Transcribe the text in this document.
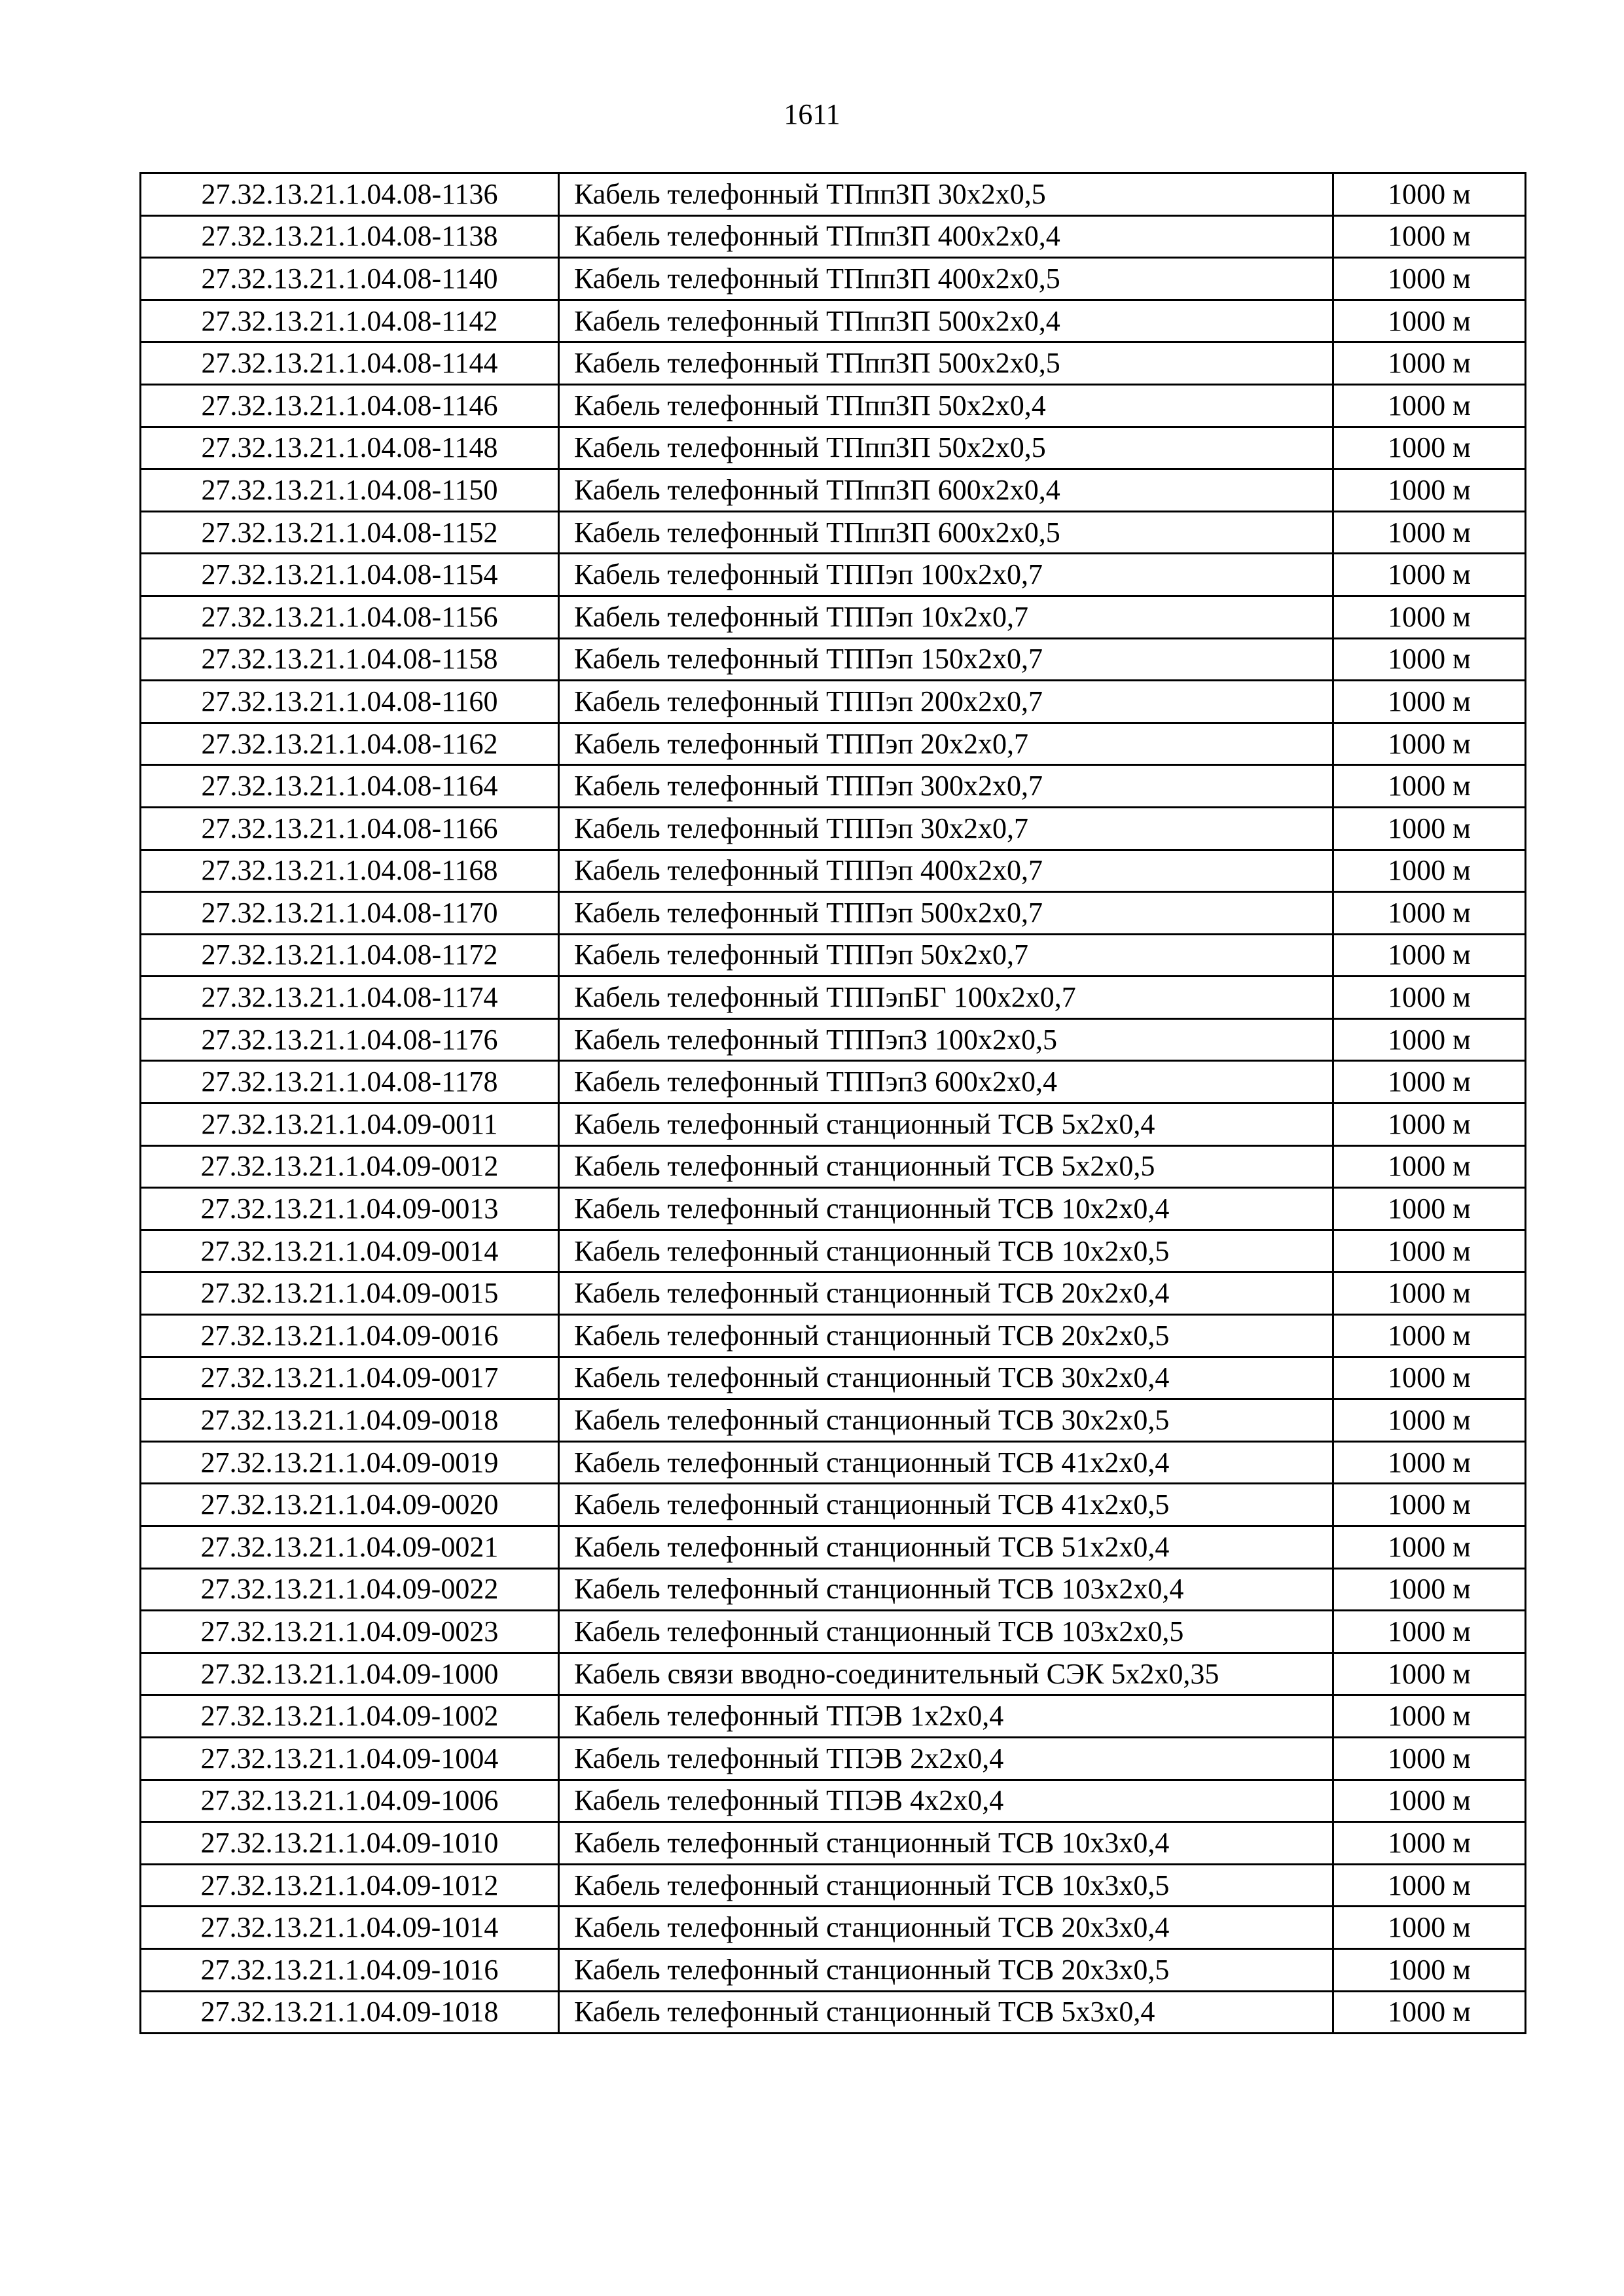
1611
27.32.13.21.1.04.08-1136	Кабель телефонный ТПппЗП 30х2х0,5	1000 м
27.32.13.21.1.04.08-1138	Кабель телефонный ТПппЗП 400х2х0,4	1000 м
27.32.13.21.1.04.08-1140	Кабель телефонный ТПппЗП 400х2х0,5	1000 м
27.32.13.21.1.04.08-1142	Кабель телефонный ТПппЗП 500х2х0,4	1000 м
27.32.13.21.1.04.08-1144	Кабель телефонный ТПппЗП 500х2х0,5	1000 м
27.32.13.21.1.04.08-1146	Кабель телефонный ТПппЗП 50х2х0,4	1000 м
27.32.13.21.1.04.08-1148	Кабель телефонный ТПппЗП 50х2х0,5	1000 м
27.32.13.21.1.04.08-1150	Кабель телефонный ТПппЗП 600х2х0,4	1000 м
27.32.13.21.1.04.08-1152	Кабель телефонный ТПппЗП 600х2х0,5	1000 м
27.32.13.21.1.04.08-1154	Кабель телефонный ТППэп 100х2х0,7	1000 м
27.32.13.21.1.04.08-1156	Кабель телефонный ТППэп 10х2х0,7	1000 м
27.32.13.21.1.04.08-1158	Кабель телефонный ТППэп 150х2х0,7	1000 м
27.32.13.21.1.04.08-1160	Кабель телефонный ТППэп 200х2х0,7	1000 м
27.32.13.21.1.04.08-1162	Кабель телефонный ТППэп 20х2х0,7	1000 м
27.32.13.21.1.04.08-1164	Кабель телефонный ТППэп 300х2х0,7	1000 м
27.32.13.21.1.04.08-1166	Кабель телефонный ТППэп 30х2х0,7	1000 м
27.32.13.21.1.04.08-1168	Кабель телефонный ТППэп 400х2х0,7	1000 м
27.32.13.21.1.04.08-1170	Кабель телефонный ТППэп 500х2х0,7	1000 м
27.32.13.21.1.04.08-1172	Кабель телефонный ТППэп 50х2х0,7	1000 м
27.32.13.21.1.04.08-1174	Кабель телефонный ТППэпБГ 100х2х0,7	1000 м
27.32.13.21.1.04.08-1176	Кабель телефонный ТППэпЗ 100х2х0,5	1000 м
27.32.13.21.1.04.08-1178	Кабель телефонный ТППэпЗ 600х2х0,4	1000 м
27.32.13.21.1.04.09-0011	Кабель телефонный станционный ТСВ 5х2х0,4	1000 м
27.32.13.21.1.04.09-0012	Кабель телефонный станционный ТСВ 5х2х0,5	1000 м
27.32.13.21.1.04.09-0013	Кабель телефонный станционный ТСВ 10х2х0,4	1000 м
27.32.13.21.1.04.09-0014	Кабель телефонный станционный ТСВ 10х2х0,5	1000 м
27.32.13.21.1.04.09-0015	Кабель телефонный станционный ТСВ 20х2х0,4	1000 м
27.32.13.21.1.04.09-0016	Кабель телефонный станционный ТСВ 20х2х0,5	1000 м
27.32.13.21.1.04.09-0017	Кабель телефонный станционный ТСВ 30х2х0,4	1000 м
27.32.13.21.1.04.09-0018	Кабель телефонный станционный ТСВ 30х2х0,5	1000 м
27.32.13.21.1.04.09-0019	Кабель телефонный станционный ТСВ 41х2х0,4	1000 м
27.32.13.21.1.04.09-0020	Кабель телефонный станционный ТСВ 41х2х0,5	1000 м
27.32.13.21.1.04.09-0021	Кабель телефонный станционный ТСВ 51х2х0,4	1000 м
27.32.13.21.1.04.09-0022	Кабель телефонный станционный ТСВ 103х2х0,4	1000 м
27.32.13.21.1.04.09-0023	Кабель телефонный станционный ТСВ 103х2х0,5	1000 м
27.32.13.21.1.04.09-1000	Кабель связи вводно-соединительный СЭК 5х2х0,35	1000 м
27.32.13.21.1.04.09-1002	Кабель телефонный ТПЭВ 1х2х0,4	1000 м
27.32.13.21.1.04.09-1004	Кабель телефонный ТПЭВ 2х2х0,4	1000 м
27.32.13.21.1.04.09-1006	Кабель телефонный ТПЭВ 4х2х0,4	1000 м
27.32.13.21.1.04.09-1010	Кабель телефонный станционный ТСВ 10х3х0,4	1000 м
27.32.13.21.1.04.09-1012	Кабель телефонный станционный ТСВ 10х3х0,5	1000 м
27.32.13.21.1.04.09-1014	Кабель телефонный станционный ТСВ 20х3х0,4	1000 м
27.32.13.21.1.04.09-1016	Кабель телефонный станционный ТСВ 20х3х0,5	1000 м
27.32.13.21.1.04.09-1018	Кабель телефонный станционный ТСВ 5х3х0,4	1000 м
